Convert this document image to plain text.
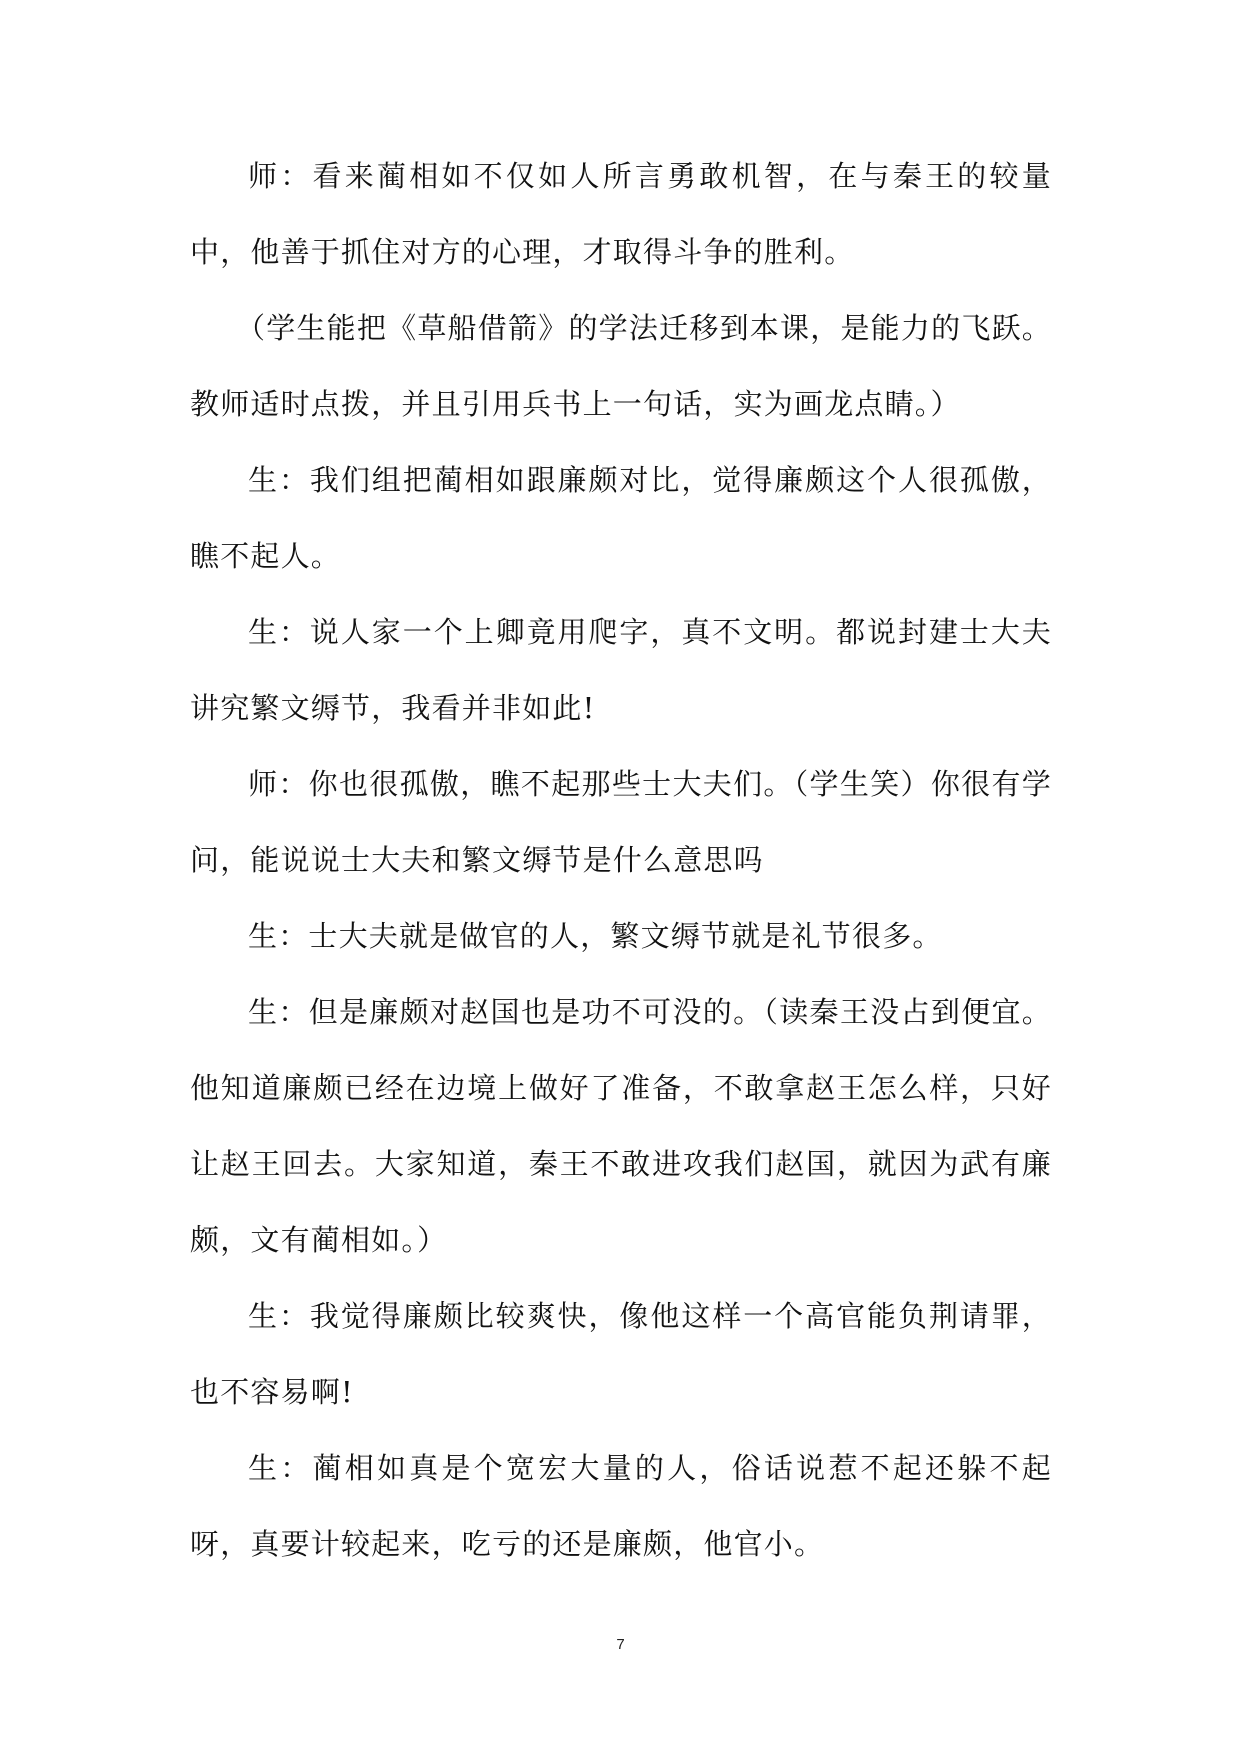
师：看来蔺相如不仅如人所言勇敢机智，在与秦王的较量中，他善于抓住对方的心理，才取得斗争的胜利。

（学生能把《草船借箭》的学法迁移到本课，是能力的飞跃。教师适时点拨，并且引用兵书上一句话，实为画龙点睛。）

生：我们组把蔺相如跟廉颇对比，觉得廉颇这个人很孤傲，瞧不起人。

生：说人家一个上卿竟用爬字，真不文明。都说封建士大夫讲究繁文缛节，我看并非如此!

师：你也很孤傲，瞧不起那些士大夫们。（学生笑）你很有学问，能说说士大夫和繁文缛节是什么意思吗

生：士大夫就是做官的人，繁文缛节就是礼节很多。

生：但是廉颇对赵国也是功不可没的。（读秦王没占到便宜。他知道廉颇已经在边境上做好了准备，不敢拿赵王怎么样，只好让赵王回去。大家知道，秦王不敢进攻我们赵国，就因为武有廉颇，文有蔺相如。）

生：我觉得廉颇比较爽快，像他这样一个高官能负荆请罪，也不容易啊!

生：蔺相如真是个宽宏大量的人，俗话说惹不起还躲不起呀，真要计较起来，吃亏的还是廉颇，他官小。

7
